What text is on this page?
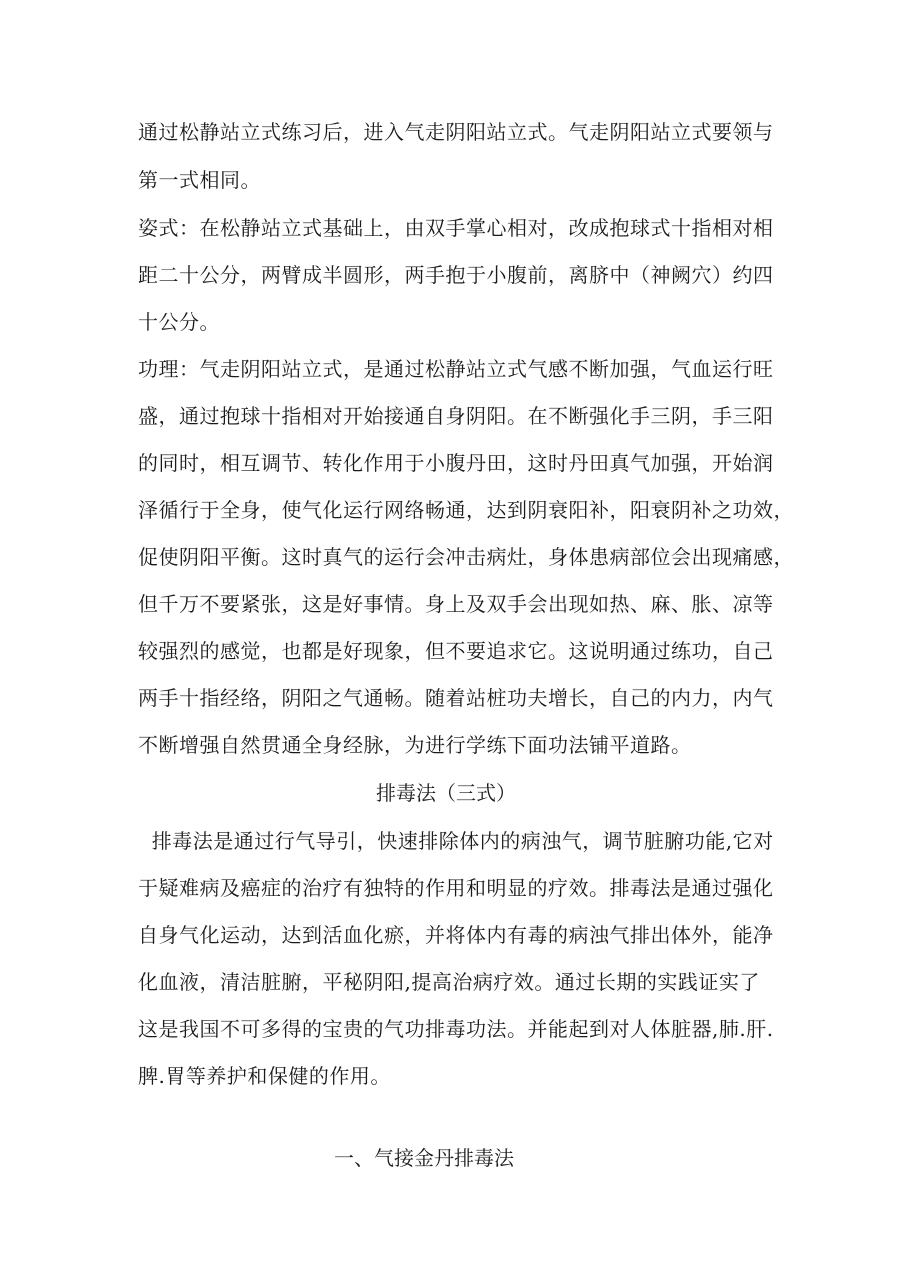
通过松静站立式练习后，进入气走阴阳站立式。气走阴阳站立式要领与
第一式相同。
姿式：在松静站立式基础上，由双手掌心相对，改成抱球式十指相对相
距二十公分，两臂成半圆形，两手抱于小腹前，离脐中（神阙穴）约四
十公分。
功理：气走阴阳站立式，是通过松静站立式气感不断加强，气血运行旺
盛，通过抱球十指相对开始接通自身阴阳。在不断强化手三阴，手三阳
的同时，相互调节、转化作用于小腹丹田，这时丹田真气加强，开始润
泽循行于全身，使气化运行网络畅通，达到阴衰阳补，阳衰阴补之功效，
促使阴阳平衡。这时真气的运行会冲击病灶，身体患病部位会出现痛感，
但千万不要紧张，这是好事情。身上及双手会出现如热、麻、胀、凉等
较强烈的感觉，也都是好现象，但不要追求它。这说明通过练功，自己
两手十指经络，阴阳之气通畅。随着站桩功夫增长，自己的内力，内气
不断增强自然贯通全身经脉，为进行学练下面功法铺平道路。
排毒法（三式）
排毒法是通过行气导引，快速排除体内的病浊气，调节脏腑功能,它对
于疑难病及癌症的治疗有独特的作用和明显的疗效。排毒法是通过强化
自身气化运动，达到活血化瘀，并将体内有毒的病浊气排出体外，能净
化血液，清洁脏腑，平秘阴阳,提高治病疗效。通过长期的实践证实了
这是我国不可多得的宝贵的气功排毒功法。并能起到对人体脏器,肺.肝.
脾.胃等养护和保健的作用。
一、气接金丹排毒法
